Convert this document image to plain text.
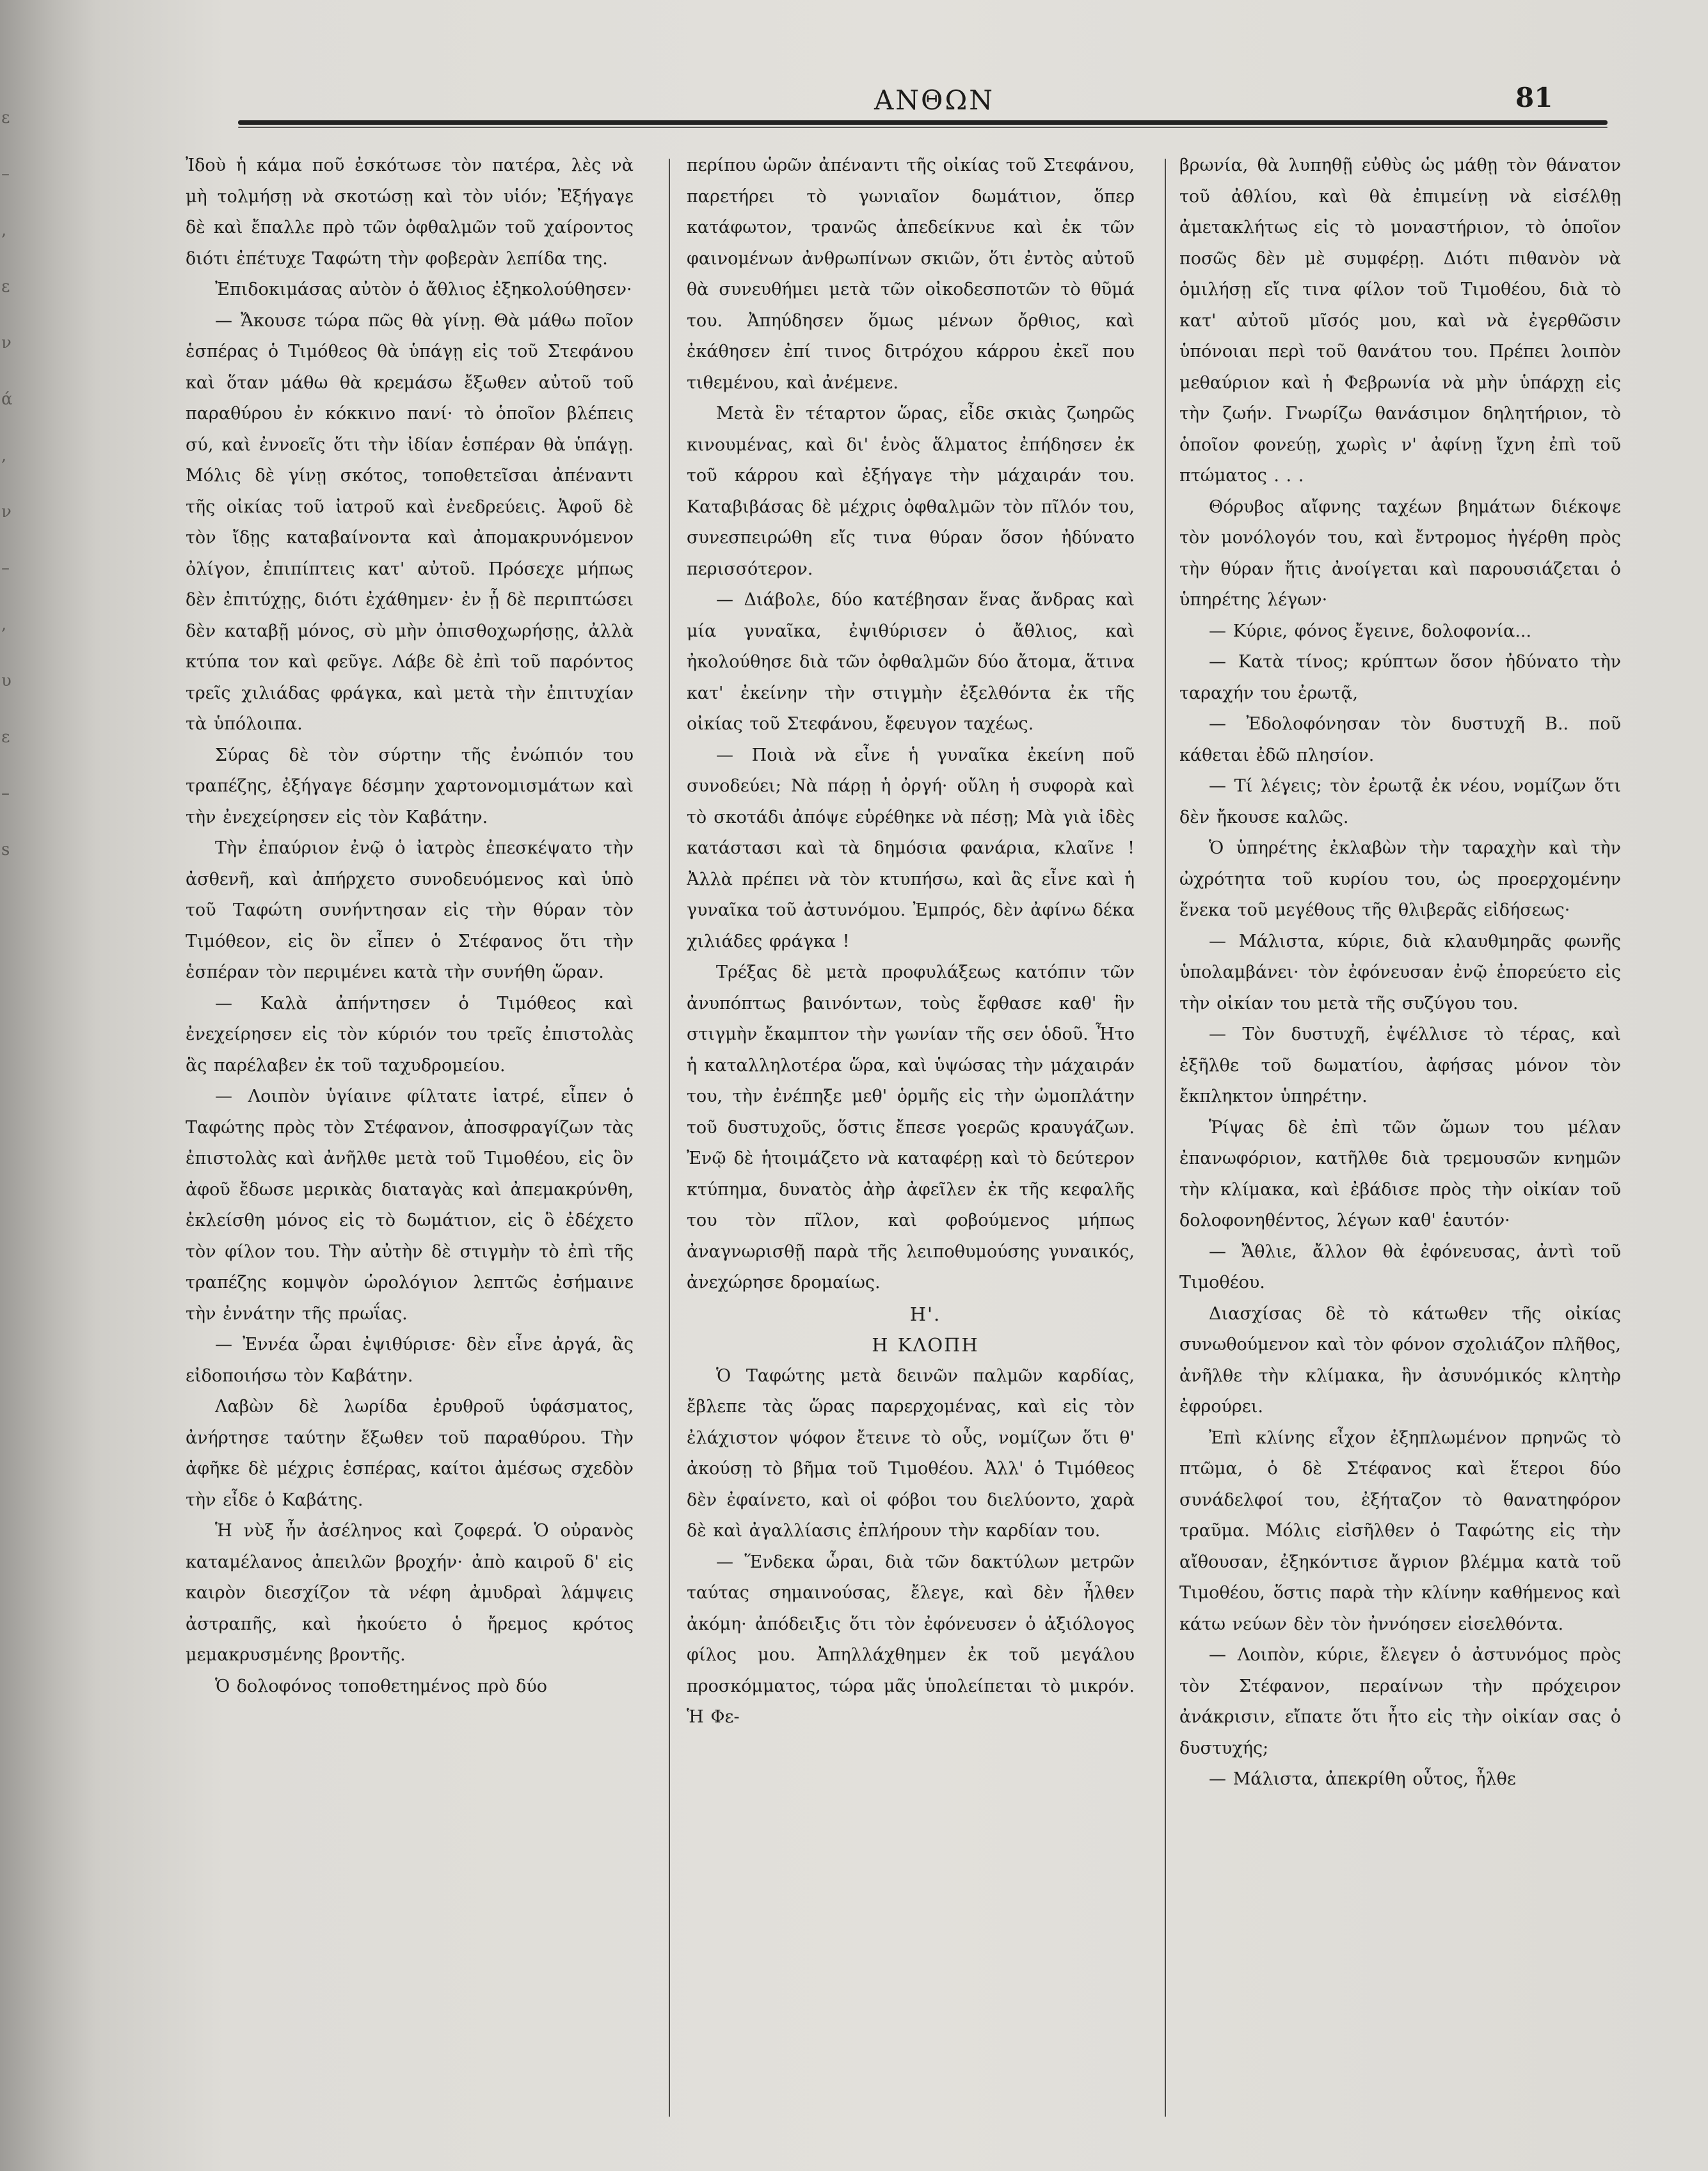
ε
–
,
ε
ν
ά
,
ν
–
,
υ
ε
–
s
ΑΝΘΩΝ	81

Ἰδοὺ ἡ κάμα ποῦ ἐσκότωσε τὸν πατέρα, λὲς νὰ μὴ τολμήσῃ νὰ σκοτώσῃ καὶ τὸν υἱόν; Ἐξήγαγε δὲ καὶ ἔπαλλε πρὸ τῶν ὀφθαλμῶν τοῦ χαίροντος διότι ἐπέτυχε Ταφώτη τὴν φοβερὰν λεπίδα της.

Ἐπιδοκιμάσας αὐτὸν ὁ ἄθλιος ἐξηκολούθησεν·

— Ἄκουσε τώρα πῶς θὰ γίνῃ. Θὰ μάθω ποῖον ἑσπέρας ὁ Τιμόθεος θὰ ὑπάγῃ εἰς τοῦ Στεφάνου καὶ ὅταν μάθω θὰ κρεμάσω ἔξωθεν αὐτοῦ τοῦ παραθύρου ἐν κόκκινο πανί· τὸ ὁποῖον βλέπεις σύ, καὶ ἐννοεῖς ὅτι τὴν ἰδίαν ἑσπέραν θὰ ὑπάγῃ. Μόλις δὲ γίνῃ σκότος, τοποθετεῖσαι ἀπέναντι τῆς οἰκίας τοῦ ἰατροῦ καὶ ἐνεδρεύεις. Ἀφοῦ δὲ τὸν ἴδῃς καταβαίνοντα καὶ ἀπομακρυνόμενον ὀλίγον, ἐπιπίπτεις κατ' αὐτοῦ. Πρόσεχε μήπως δὲν ἐπιτύχῃς, διότι ἐχάθημεν· ἐν ᾗ δὲ περιπτώσει δὲν καταβῇ μόνος, σὺ μὴν ὀπισθοχωρήσῃς, ἀλλὰ κτύπα τον καὶ φεῦγε. Λάβε δὲ ἐπὶ τοῦ παρόντος τρεῖς χιλιάδας φράγκα, καὶ μετὰ τὴν ἐπιτυχίαν τὰ ὑπόλοιπα.

Σύρας δὲ τὸν σύρτην τῆς ἐνώπιόν του τραπέζης, ἐξήγαγε δέσμην χαρτονομισμάτων καὶ τὴν ἐνεχείρησεν εἰς τὸν Καβάτην.

Τὴν ἐπαύριον ἐνῷ ὁ ἰατρὸς ἐπεσκέψατο τὴν ἀσθενῆ, καὶ ἀπήρχετο συνοδευόμενος καὶ ὑπὸ τοῦ Ταφώτη συνήντησαν εἰς τὴν θύραν τὸν Τιμόθεον, εἰς ὃν εἶπεν ὁ Στέφανος ὅτι τὴν ἑσπέραν τὸν περιμένει κατὰ τὴν συνήθη ὥραν.

— Καλὰ ἀπήντησεν ὁ Τιμόθεος καὶ ἐνεχείρησεν εἰς τὸν κύριόν του τρεῖς ἐπιστολὰς ἃς παρέλαβεν ἐκ τοῦ ταχυδρομείου.

— Λοιπὸν ὑγίαινε φίλτατε ἰατρέ, εἶπεν ὁ Ταφώτης πρὸς τὸν Στέφανον, ἀποσφραγίζων τὰς ἐπιστολὰς καὶ ἀνῆλθε μετὰ τοῦ Τιμοθέου, εἰς ὃν ἀφοῦ ἔδωσε μερικὰς διαταγὰς καὶ ἀπεμακρύνθη, ἐκλείσθη μόνος εἰς τὸ δωμάτιον, εἰς ὃ ἐδέχετο τὸν φίλον του. Τὴν αὐτὴν δὲ στιγμὴν τὸ ἐπὶ τῆς τραπέζης κομψὸν ὡρολόγιον λεπτῶς ἐσήμαινε τὴν ἐννάτην τῆς πρωΐας.

— Ἐννέα ὧραι ἐψιθύρισε· δὲν εἶνε ἀργά, ἃς εἰδοποιήσω τὸν Καβάτην.

Λαβὼν δὲ λωρίδα ἐρυθροῦ ὑφάσματος, ἀνήρτησε ταύτην ἔξωθεν τοῦ παραθύρου. Τὴν ἀφῆκε δὲ μέχρις ἑσπέρας, καίτοι ἀμέσως σχεδὸν τὴν εἶδε ὁ Καβάτης.

Ἡ νὺξ ἦν ἀσέληνος καὶ ζοφερά. Ὁ οὐρανὸς καταμέλανος ἀπειλῶν βροχήν· ἀπὸ καιροῦ δ' εἰς καιρὸν διεσχίζον τὰ νέφη ἀμυδραὶ λάμψεις ἀστραπῆς, καὶ ἠκούετο ὁ ἤρεμος κρότος μεμακρυσμένης βροντῆς.

Ὁ δολοφόνος τοποθετημένος πρὸ δύο

περίπου ὡρῶν ἀπέναντι τῆς οἰκίας τοῦ Στεφάνου, παρετήρει τὸ γωνιαῖον δωμάτιον, ὅπερ κατάφωτον, τρανῶς ἀπεδείκνυε καὶ ἐκ τῶν φαινομένων ἀνθρωπίνων σκιῶν, ὅτι ἐντὸς αὐτοῦ θὰ συνευθήμει μετὰ τῶν οἰκοδεσποτῶν τὸ θῦμά του. Ἀπηύδησεν ὅμως μένων ὄρθιος, καὶ ἐκάθησεν ἐπί τινος διτρόχου κάρρου ἐκεῖ που τιθεμένου, καὶ ἀνέμενε.

Μετὰ ἓν τέταρτον ὥρας, εἶδε σκιὰς ζωηρῶς κινουμένας, καὶ δι' ἑνὸς ἅλματος ἐπήδησεν ἐκ τοῦ κάρρου καὶ ἐξήγαγε τὴν μάχαιράν του. Καταβιβάσας δὲ μέχρις ὀφθαλμῶν τὸν πῖλόν του, συνεσπειρώθη εἴς τινα θύραν ὅσον ἠδύνατο περισσότερον.

— Διάβολε, δύο κατέβησαν ἕνας ἄνδρας καὶ μία γυναῖκα, ἐψιθύρισεν ὁ ἄθλιος, καὶ ἠκολούθησε διὰ τῶν ὀφθαλμῶν δύο ἄτομα, ἅτινα κατ' ἐκείνην τὴν στιγμὴν ἐξελθόντα ἐκ τῆς οἰκίας τοῦ Στεφάνου, ἔφευγον ταχέως.

— Ποιὰ νὰ εἶνε ἡ γυναῖκα ἐκείνη ποῦ συνοδεύει; Νὰ πάρῃ ἡ ὀργή· οὔλη ἡ συφορὰ καὶ τὸ σκοτάδι ἀπόψε εὑρέθηκε νὰ πέσῃ; Μὰ γιὰ ἰδὲς κατάστασι καὶ τὰ δημόσια φανάρια, κλαῖνε ! Ἀλλὰ πρέπει νὰ τὸν κτυπήσω, καὶ ἂς εἶνε καὶ ἡ γυναῖκα τοῦ ἀστυνόμου. Ἐμπρός, δὲν ἀφίνω δέκα χιλιάδες φράγκα !

Τρέξας δὲ μετὰ προφυλάξεως κατόπιν τῶν ἀνυπόπτως βαινόντων, τοὺς ἔφθασε καθ' ἣν στιγμὴν ἔκαμπτον τὴν γωνίαν τῆς σεν ὁδοῦ. Ἦτο ἡ καταλληλοτέρα ὥρα, καὶ ὑψώσας τὴν μάχαιράν του, τὴν ἐνέπηξε μεθ' ὁρμῆς εἰς τὴν ὠμοπλάτην τοῦ δυστυχοῦς, ὅστις ἔπεσε γοερῶς κραυγάζων. Ἐνῷ δὲ ἡτοιμάζετο νὰ καταφέρῃ καὶ τὸ δεύτερον κτύπημα, δυνατὸς ἀὴρ ἀφεῖλεν ἐκ τῆς κεφαλῆς του τὸν πῖλον, καὶ φοβούμενος μήπως ἀναγνωρισθῇ παρὰ τῆς λειποθυμούσης γυναικός, ἀνεχώρησε δρομαίως.

Η'.

Η ΚΛΟΠΗ

Ὁ Ταφώτης μετὰ δεινῶν παλμῶν καρδίας, ἔβλεπε τὰς ὥρας παρερχομένας, καὶ εἰς τὸν ἐλάχιστον ψόφον ἔτεινε τὸ οὖς, νομίζων ὅτι θ' ἀκούσῃ τὸ βῆμα τοῦ Τιμοθέου. Ἀλλ' ὁ Τιμόθεος δὲν ἐφαίνετο, καὶ οἱ φόβοι του διελύοντο, χαρὰ δὲ καὶ ἀγαλλίασις ἐπλήρουν τὴν καρδίαν του.

— Ἕνδεκα ὧραι, διὰ τῶν δακτύλων μετρῶν ταύτας σημαινούσας, ἔλεγε, καὶ δὲν ἦλθεν ἀκόμη· ἀπόδειξις ὅτι τὸν ἐφόνευσεν ὁ ἀξιόλογος φίλος μου. Ἀπηλλάχθημεν ἐκ τοῦ μεγάλου προσκόμματος, τώρα μᾶς ὑπολείπεται τὸ μικρόν. Ἡ Φε-

βρωνία, θὰ λυπηθῇ εὐθὺς ὡς μάθῃ τὸν θάνατον τοῦ ἀθλίου, καὶ θὰ ἐπιμείνῃ νὰ εἰσέλθῃ ἀμετακλήτως εἰς τὸ μοναστήριον, τὸ ὁποῖον ποσῶς δὲν μὲ συμφέρῃ. Διότι πιθανὸν νὰ ὁμιλήσῃ εἴς τινα φίλον τοῦ Τιμοθέου, διὰ τὸ κατ' αὐτοῦ μῖσός μου, καὶ νὰ ἐγερθῶσιν ὑπόνοιαι περὶ τοῦ θανάτου του. Πρέπει λοιπὸν μεθαύριον καὶ ἡ Φεβρωνία νὰ μὴν ὑπάρχῃ εἰς τὴν ζωήν. Γνωρίζω θανάσιμον δηλητήριον, τὸ ὁποῖον φονεύῃ, χωρὶς ν' ἀφίνῃ ἴχνη ἐπὶ τοῦ πτώματος . . .

Θόρυβος αἴφνης ταχέων βημάτων διέκοψε τὸν μονόλογόν του, καὶ ἔντρομος ἠγέρθη πρὸς τὴν θύραν ἥτις ἀνοίγεται καὶ παρουσιάζεται ὁ ὑπηρέτης λέγων·

— Κύριε, φόνος ἔγεινε, δολοφονία...

— Κατὰ τίνος; κρύπτων ὅσον ἠδύνατο τὴν ταραχήν του ἐρωτᾷ,

— Ἐδολοφόνησαν τὸν δυστυχῆ Β.. ποῦ κάθεται ἐδῶ πλησίον.

— Τί λέγεις; τὸν ἐρωτᾷ ἐκ νέου, νομίζων ὅτι δὲν ἤκουσε καλῶς.

Ὁ ὑπηρέτης ἐκλαβὼν τὴν ταραχὴν καὶ τὴν ὠχρότητα τοῦ κυρίου του, ὡς προερχομένην ἕνεκα τοῦ μεγέθους τῆς θλιβερᾶς εἰδήσεως·

— Μάλιστα, κύριε, διὰ κλαυθμηρᾶς φωνῆς ὑπολαμβάνει· τὸν ἐφόνευσαν ἐνῷ ἐπορεύετο εἰς τὴν οἰκίαν του μετὰ τῆς συζύγου του.

— Τὸν δυστυχῆ, ἐψέλλισε τὸ τέρας, καὶ ἐξῆλθε τοῦ δωματίου, ἀφήσας μόνον τὸν ἔκπληκτον ὑπηρέτην.

Ῥίψας δὲ ἐπὶ τῶν ὤμων του μέλαν ἐπανωφόριον, κατῆλθε διὰ τρεμουσῶν κνημῶν τὴν κλίμακα, καὶ ἐβάδισε πρὸς τὴν οἰκίαν τοῦ δολοφονηθέντος, λέγων καθ' ἑαυτόν·

— Ἄθλιε, ἄλλον θὰ ἐφόνευσας, ἀντὶ τοῦ Τιμοθέου.

Διασχίσας δὲ τὸ κάτωθεν τῆς οἰκίας συνωθούμενον καὶ τὸν φόνον σχολιάζον πλῆθος, ἀνῆλθε τὴν κλίμακα, ἣν ἀσυνόμικός κλητὴρ ἐφρούρει.

Ἐπὶ κλίνης εἶχον ἐξηπλωμένον πρηνῶς τὸ πτῶμα, ὁ δὲ Στέφανος καὶ ἕτεροι δύο συνάδελφοί του, ἐξήταζον τὸ θανατηφόρον τραῦμα. Μόλις εἰσῆλθεν ὁ Ταφώτης εἰς τὴν αἴθουσαν, ἐξηκόντισε ἄγριον βλέμμα κατὰ τοῦ Τιμοθέου, ὅστις παρὰ τὴν κλίνην καθήμενος καὶ κάτω νεύων δὲν τὸν ἠννόησεν εἰσελθόντα.

— Λοιπὸν, κύριε, ἔλεγεν ὁ ἀστυνόμος πρὸς τὸν Στέφανον, περαίνων τὴν πρόχειρον ἀνάκρισιν, εἴπατε ὅτι ἦτο εἰς τὴν οἰκίαν σας ὁ δυστυχής;

— Μάλιστα, ἀπεκρίθη οὗτος, ἦλθε
